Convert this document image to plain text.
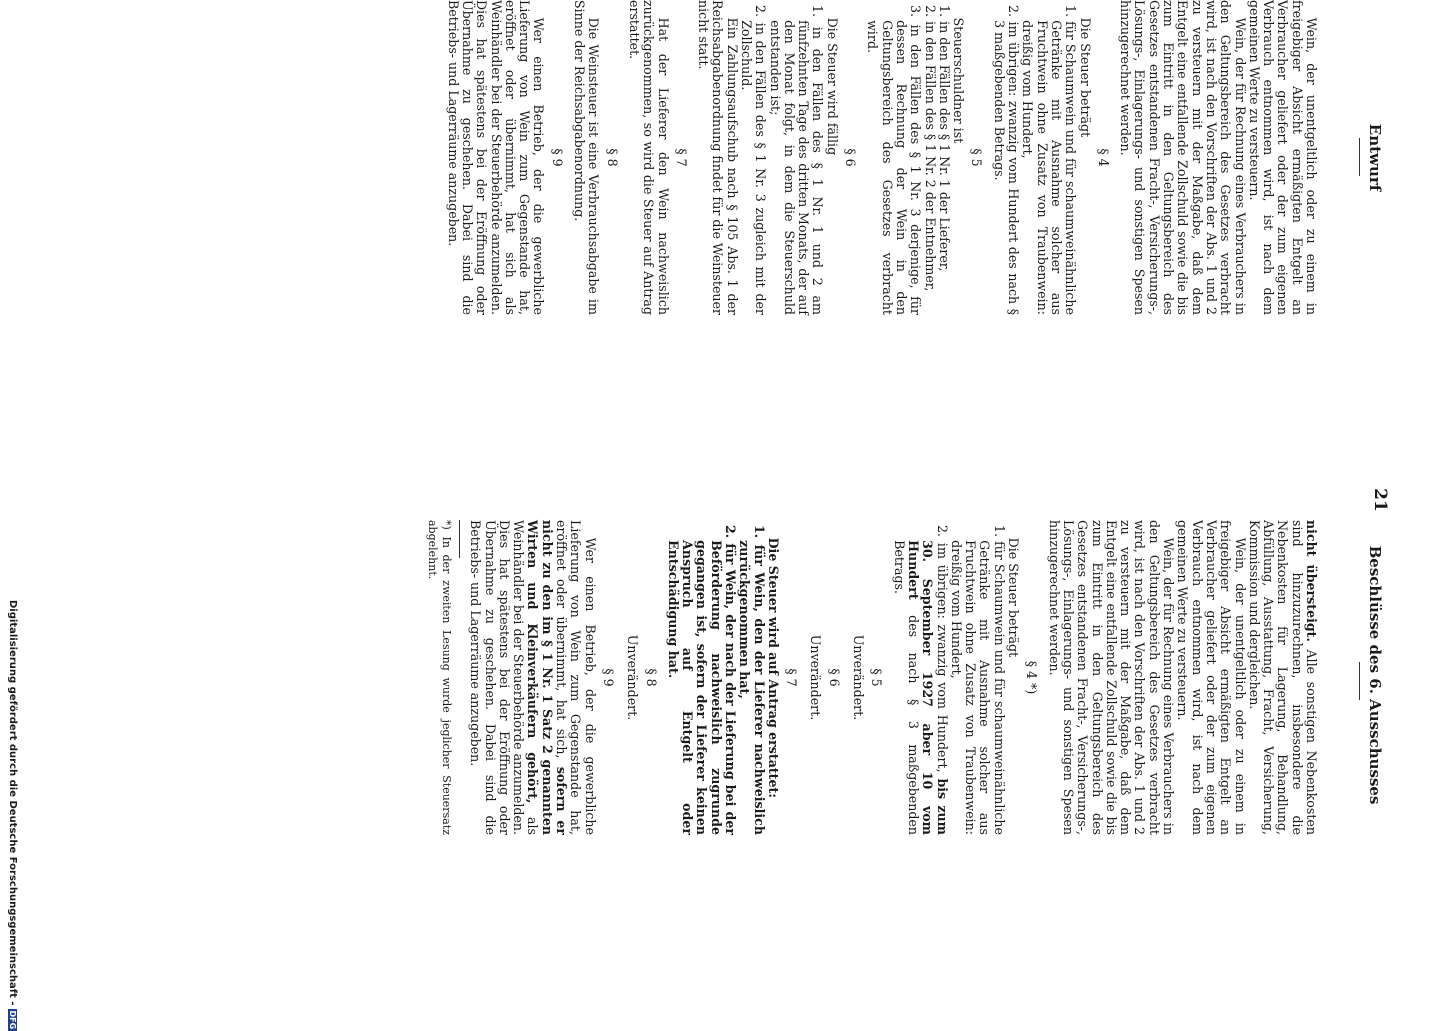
21
Entwurf
Beschlüsse des 6. Ausschusses

Wein, der unentgeltlich oder zu einem in freigebiger Absicht ermäßigten Entgelt an Verbraucher geliefert oder der zum eigenen Verbrauch entnommen wird, ist nach dem gemeinen Werte zu versteuern.

Wein, der für Rechnung eines Verbrauchers in den Geltungsbereich des Gesetzes verbracht wird, ist nach den Vorschriften der Abs. 1 und 2 zu versteuern mit der Maßgabe, daß dem Entgelt eine entfallende Zollschuld sowie die bis zum Eintritt in den Geltungsbereich des Gesetzes entstandenen Fracht-, Versicherungs-, Lösungs-, Einlagerungs- und sonstigen Spesen hinzugerechnet werden.

§ 4

Die Steuer beträgt

1. für Schaumwein und für schaumweinähnliche Getränke mit Ausnahme solcher aus Fruchtwein ohne Zusatz von Traubenwein: dreißig vom Hundert,

2. im übrigen: zwanzig vom Hundert des nach § 3 maßgebenden Betrags.

§ 5

Steuerschuldner ist

1. in den Fällen des § 1 Nr. 1 der Lieferer,

2. in den Fällen des § 1 Nr. 2 der Entnehmer,

3. in den Fällen des § 1 Nr. 3 derjenige, für dessen Rechnung der Wein in den Geltungsbereich des Gesetzes verbracht wird.

§ 6

Die Steuer wird fällig

1. in den Fällen des § 1 Nr. 1 und 2 am fünfzehnten Tage des dritten Monats, der auf den Monat folgt, in dem die Steuerschuld entstanden ist;

2. in den Fällen des § 1 Nr. 3 zugleich mit der Zollschuld.

Ein Zahlungsaufschub nach § 105 Abs. 1 der Reichsabgabenordnung findet für die Weinsteuer nicht statt.

§ 7

Hat der Lieferer den Wein nachweislich zurückgenommen, so wird die Steuer auf Antrag erstattet.

§ 8

Die Weinsteuer ist eine Verbrauchsabgabe im Sinne der Reichsabgabenordnung.

§ 9

Wer einen Betrieb, der die gewerbliche Lieferung von Wein zum Gegenstande hat, eröffnet oder übernimmt, hat sich als Weinhändler bei der Steuerbehörde anzumelden. Dies hat spätestens bei der Eröffnung oder Übernahme zu geschehen. Dabei sind die Betriebs- und Lagerräume anzugeben.

nicht übersteigt. Alle sonstigen Nebenkosten sind hinzuzurechnen, insbesondere die Nebenkosten für Lagerung, Behandlung, Abfüllung, Ausstattung, Fracht, Versicherung, Kommission und dergleichen.

Wein, der unentgeltlich oder zu einem in freigebiger Absicht ermäßigten Entgelt an Verbraucher geliefert oder der zum eigenen Verbrauch entnommen wird, ist nach dem gemeinen Werte zu versteuern.

Wein, der für Rechnung eines Verbrauchers in den Geltungsbereich des Gesetzes verbracht wird, ist nach den Vorschriften der Abs. 1 und 2 zu versteuern mit der Maßgabe, daß dem Entgelt eine entfallende Zollschuld sowie die bis zum Eintritt in den Geltungsbereich des Gesetzes entstandenen Fracht-, Versicherungs-, Lösungs-, Einlagerungs- und sonstigen Spesen hinzugerechnet werden.

§ 4 *)

Die Steuer beträgt

1. für Schaumwein und für schaumweinähnliche Getränke mit Ausnahme solcher aus Fruchtwein ohne Zusatz von Traubenwein: dreißig vom Hundert,

2. im übrigen: zwanzig vom Hundert, bis zum 30. September 1927 aber 10 vom Hundert des nach § 3 maßgebenden Betrags.

§ 5
Unverändert.
§ 6
Unverändert.
§ 7

Die Steuer wird auf Antrag erstattet:

1. für Wein, den der Lieferer nachweislich zurückgenommen hat,

2. für Wein, der nach der Lieferung bei der Beförderung nachweislich zugrunde gegangen ist, sofern der Lieferer keinen Anspruch auf Entgelt oder Entschädigung hat.

§ 8
Unverändert.
§ 9

Wer einen Betrieb, der die gewerbliche Lieferung von Wein zum Gegenstande hat, eröffnet oder übernimmt, hat sich, sofern er nicht zu den im § 1 Nr. 1 Satz 2 genannten Wirten und Kleinverkäufern gehört, als Weinhändler bei der Steuerbehörde anzumelden. Dies hat spätestens bei der Eröffnung oder Übernahme zu geschehen. Dabei sind die Betriebs- und Lagerräume anzugeben.

*) In der zweiten Lesung wurde jeglicher Steuersatz abgelehnt.

Digitalisierung gefördert durch die Deutsche Forschungsgemeinschaft -DFG
